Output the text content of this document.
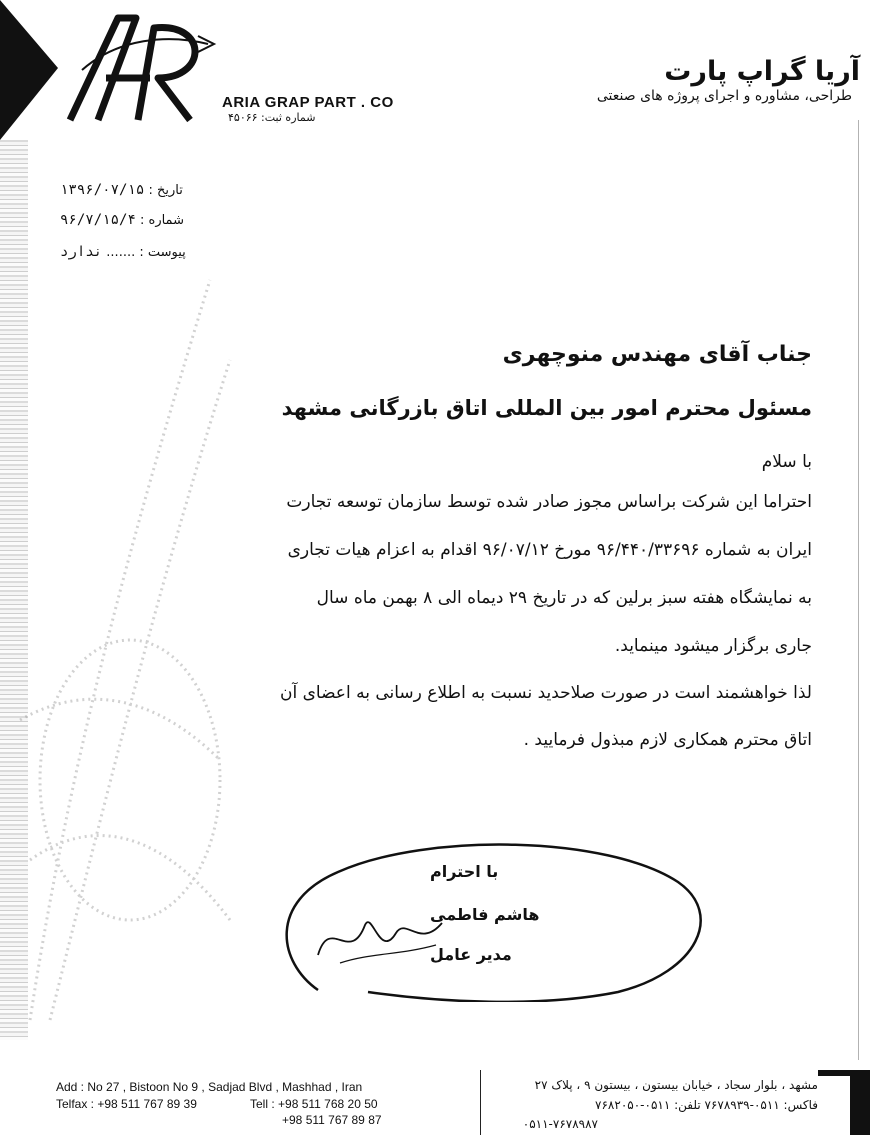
ARIA GRAP PART . CO
شماره ثبت: ۴۵۰۶۶
آریا گراپ پارت
طراحی، مشاوره و اجرای پروژه های صنعتی
تاریخ : ۱۳۹۶/۰۷/۱۵
شماره : ۹۶/۷/۱۵/۴
پیوست : ....... ندارد
جناب آقای مهندس منوچهری
مسئول محترم امور بین المللی اتاق بازرگانی مشهد
با سلام
احتراما این شرکت براساس مجوز صادر شده توسط سازمان توسعه تجارت
ایران به شماره ۹۶/۴۴۰/۳۳۶۹۶ مورخ ۹۶/۰۷/۱۲ اقدام به اعزام هیات تجاری
به نمایشگاه هفته سبز برلین که در تاریخ ۲۹ دیماه الی ۸ بهمن ماه سال
جاری برگزار میشود مینماید.
لذا خواهشمند است در صورت صلاحدید نسبت به اطلاع رسانی به اعضای آن
اتاق محترم همکاری لازم مبذول فرمایید .
با احترام
هاشم فاطمی
مدیر عامل
Add : No 27 , Bistoon No 9 , Sadjad Blvd , Mashhad , Iran
Telfax : +98 511 767 89 39	Tell : +98 511 768 20 50
+98 511 767 89 87
مشهد ، بلوار سجاد ، خیابان بیستون ، بیستون ۹ ، پلاک ۲۷
فاکس: ۰۵۱۱-۷۶۷۸۹۳۹ تلفن: ۰۵۱۱-۷۶۸۲۰۵۰
۰۵۱۱-۷۶۷۸۹۸۷
